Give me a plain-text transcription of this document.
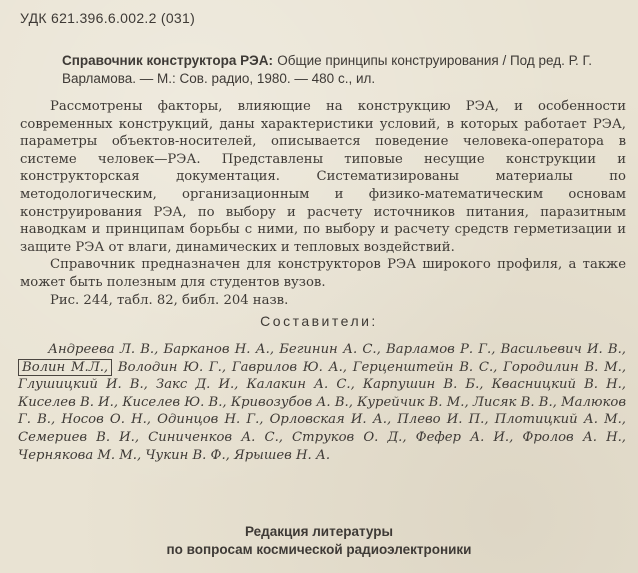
УДК 621.396.6.002.2 (031)
Справочник конструктора РЭА: Общие принципы конструирования / Под ред. Р. Г. Варламова. — М.: Сов. радио, 1980. — 480 с., ил.

Рассмотрены факторы, влияющие на конструкцию РЭА, и особенности современных конструкций, даны характеристики условий, в которых работает РЭА, параметры объектов-носителей, описывается поведение человека-оператора в системе человек—РЭА. Представлены типовые несущие конструкции и конструкторская документация. Систематизированы материалы по методологическим, организационным и физико-математическим основам конструирования РЭА, по выбору и расчету источников питания, паразитным наводкам и принципам борьбы с ними, по выбору и расчету средств герметизации и защите РЭА от влаги, динамических и тепловых воздействий.

Справочник предназначен для конструкторов РЭА широкого профиля, а также может быть полезным для студентов вузов.

Рис. 244, табл. 82, библ. 204 назв.

Составители:

Андреева Л. В., Барканов Н. А., Бегинин А. С., Варламов Р. Г., Васильевич И. В., Волин М.Л., Володин Ю. Г., Гаврилов Ю. А., Герценштейн В. С., Городилин В. М., Глушицкий И. В., Закс Д. И., Калакин А. С., Карпушин В. Б., Квасницкий В. Н., Киселев В. И., Киселев Ю. В., Кривозубов А. В., Курейчик В. М., Лисяк В. В., Малюков Г. В., Носов О. Н., Одинцов Н. Г., Орловская И. А., Плево И. П., Плотицкий А. М., Семериев В. И., Синиченков А. С., Струков О. Д., Фефер А. И., Фролов А. Н., Чернякова М. М., Чукин В. Ф., Ярышев Н. А.

Редакция литературы
по вопросам космической радиоэлектроники
